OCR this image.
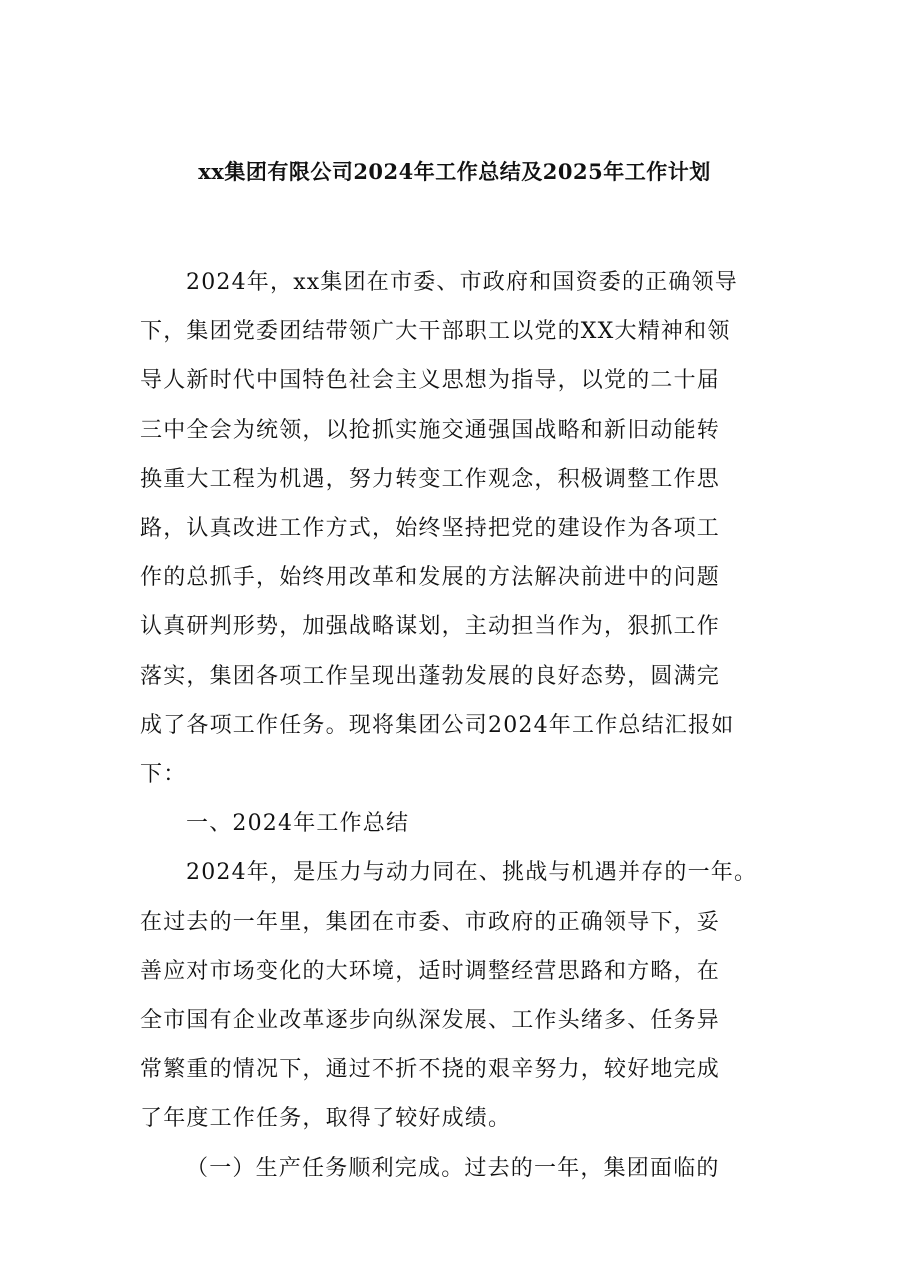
xx集团有限公司2024年工作总结及2025年工作计划
2024年，xx集团在市委、市政府和国资委的正确领导
下，集团党委团结带领广大干部职工以党的XX大精神和领
导人新时代中国特色社会主义思想为指导，以党的二十届
三中全会为统领，以抢抓实施交通强国战略和新旧动能转
换重大工程为机遇，努力转变工作观念，积极调整工作思
路，认真改进工作方式，始终坚持把党的建设作为各项工
作的总抓手，始终用改革和发展的方法解决前进中的问题
认真研判形势，加强战略谋划，主动担当作为，狠抓工作
落实，集团各项工作呈现出蓬勃发展的良好态势，圆满完
成了各项工作任务。现将集团公司2024年工作总结汇报如
下：
一、2024年工作总结
2024年，是压力与动力同在、挑战与机遇并存的一年。
在过去的一年里，集团在市委、市政府的正确领导下，妥
善应对市场变化的大环境，适时调整经营思路和方略，在
全市国有企业改革逐步向纵深发展、工作头绪多、任务异
常繁重的情况下，通过不折不挠的艰辛努力，较好地完成
了年度工作任务，取得了较好成绩。
（一）生产任务顺利完成。过去的一年，集团面临的
